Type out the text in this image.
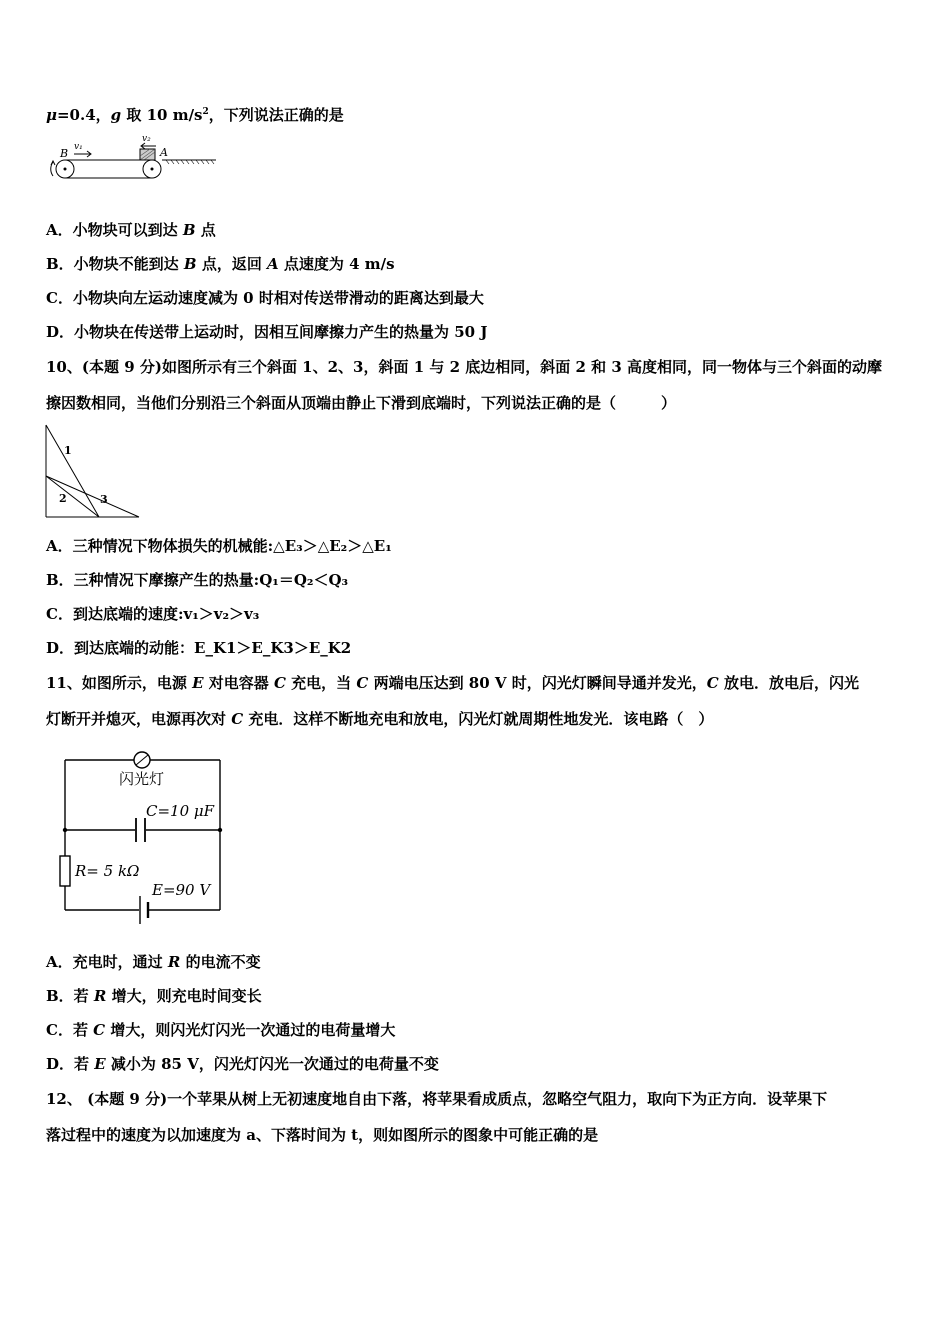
μ=0.4，g 取 10 $m/s^2$，下列说法正确的是
B v₁
v₂
A
A．小物块可以到达 B 点
B．小物块不能到达 B 点，返回 A 点速度为 4 m/s
C．小物块向左运动速度减为 0 时相对传送带滑动的距离达到最大
D．小物块在传送带上运动时，因相互间摩擦力产生的热量为 50 J
10、(本题 9 分)如图所示有三个斜面 1、2、3，斜面 1 与 2 底边相同，斜面 2 和 3 高度相同，同一物体与三个斜面的动摩
擦因数相同，当他们分别沿三个斜面从顶端由静止下滑到底端时，下列说法正确的是（　　　）
1
2	3
A．三种情况下物体损失的机械能:△E₃＞△E₂＞△E₁
B．三种情况下摩擦产生的热量:Q₁＝Q₂＜Q₃
C．到达底端的速度:v₁＞v₂＞v₃
D．到达底端的动能：E_K1＞E_K3＞E_K2
11、如图所示，电源 E 对电容器 C 充电，当 C 两端电压达到 80 V 时，闪光灯瞬间导通并发光，C 放电．放电后，闪光
灯断开并熄灭，电源再次对 C 充电．这样不断地充电和放电，闪光灯就周期性地发光．该电路（　）
闪光灯
C=10 μF
R= 5 kΩ
E=90 V
A．充电时，通过 R 的电流不变
B．若 R 增大，则充电时间变长
C．若 C 增大，则闪光灯闪光一次通过的电荷量增大
D．若 E 减小为 85 V，闪光灯闪光一次通过的电荷量不变
12、 (本题 9 分)一个苹果从树上无初速度地自由下落，将苹果看成质点，忽略空气阻力，取向下为正方向．设苹果下
落过程中的速度为以加速度为 a、下落时间为 t，则如图所示的图象中可能正确的是
